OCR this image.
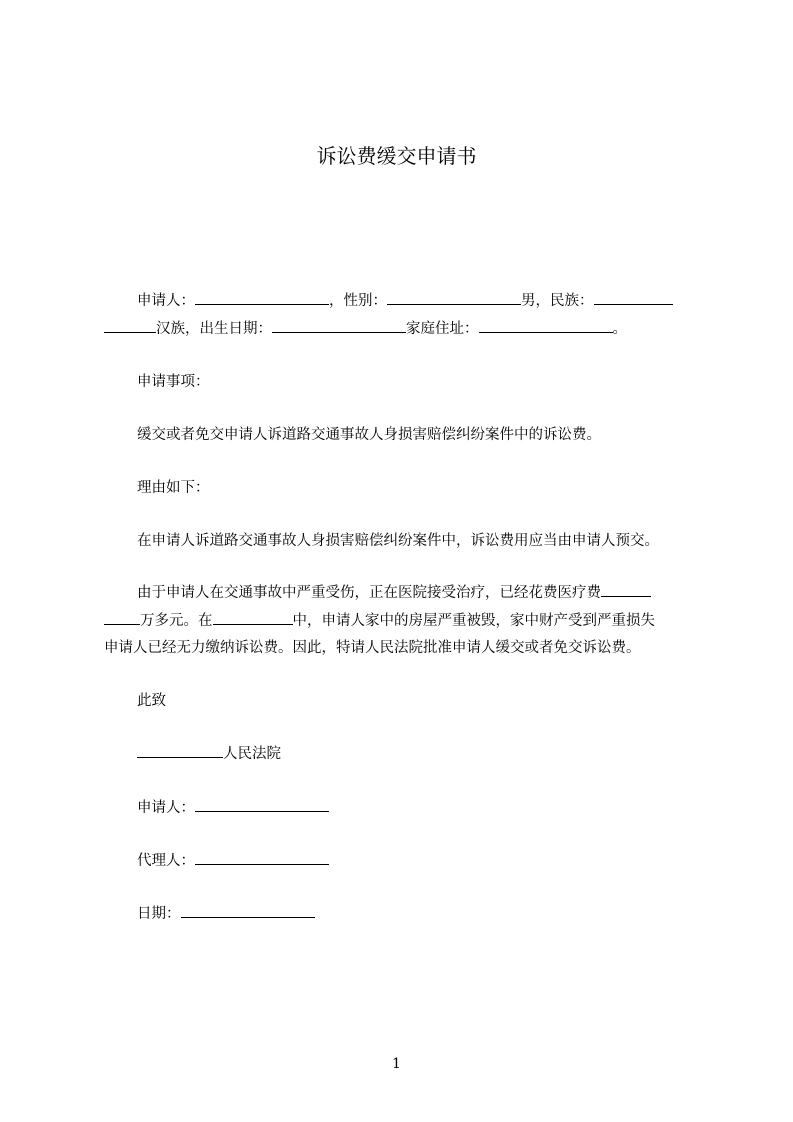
诉讼费缓交申请书
申请人：	，性别：	男，民族：
汉族，出生日期：	家庭住址：	。
申请事项：
缓交或者免交申请人诉道路交通事故人身损害赔偿纠纷案件中的诉讼费。
理由如下：
在申请人诉道路交通事故人身损害赔偿纠纷案件中，诉讼费用应当由申请人预交。
由于申请人在交通事故中严重受伤，正在医院接受治疗，已经花费医疗费
万多元。在	中，申请人家中的房屋严重被毁，家中财产受到严重损失
申请人已经无力缴纳诉讼费。因此，特请人民法院批准申请人缓交或者免交诉讼费。
此致
人民法院
申请人：
代理人：
日期：
1
